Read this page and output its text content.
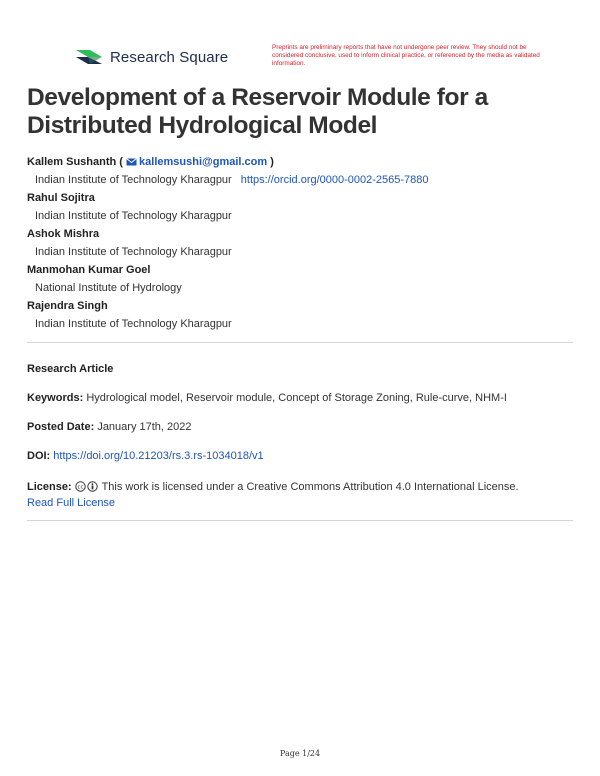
Research Square
Preprints are preliminary reports that have not undergone peer review. They should not be considered conclusive, used to inform clinical practice, or referenced by the media as validated information.
Development of a Reservoir Module for a Distributed Hydrological Model
Kallem Sushanth ( kallemsushi@gmail.com )
Indian Institute of Technology Kharagpur https://orcid.org/0000-0002-2565-7880
Rahul Sojitra
Indian Institute of Technology Kharagpur
Ashok Mishra
Indian Institute of Technology Kharagpur
Manmohan Kumar Goel
National Institute of Hydrology
Rajendra Singh
Indian Institute of Technology Kharagpur
Research Article
Keywords: Hydrological model, Reservoir module, Concept of Storage Zoning, Rule-curve, NHM-I
Posted Date: January 17th, 2022
DOI: https://doi.org/10.21203/rs.3.rs-1034018/v1
License: cc This work is licensed under a Creative Commons Attribution 4.0 International License.
Read Full License
Page 1/24
